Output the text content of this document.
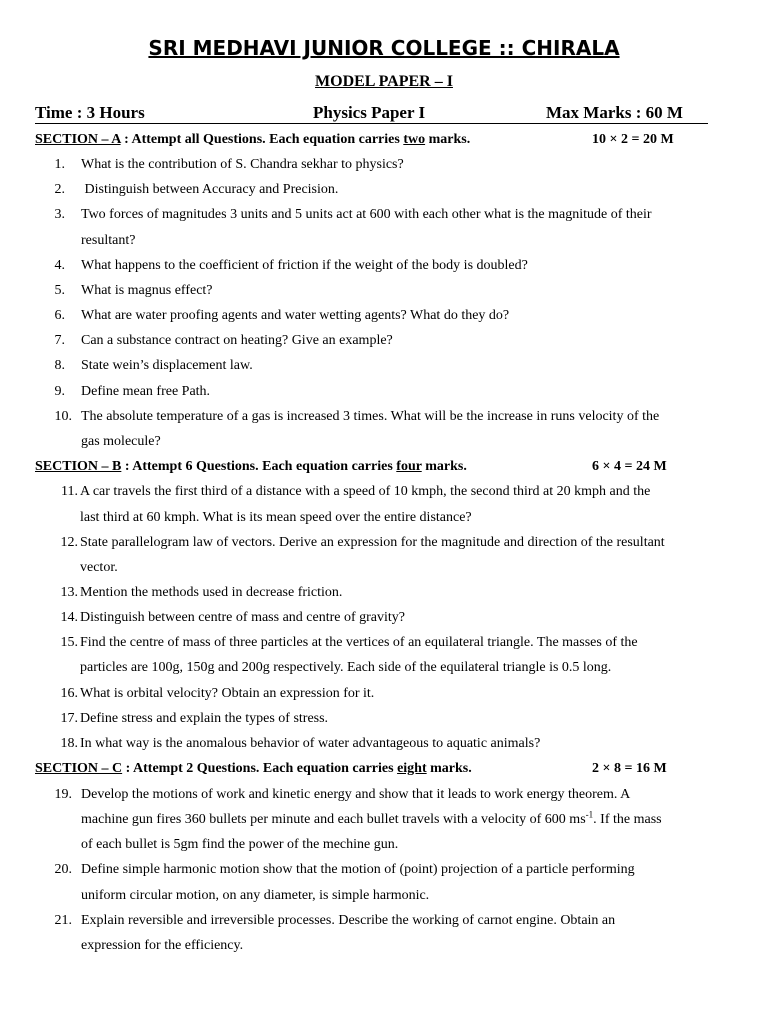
SRI MEDHAVI JUNIOR COLLEGE :: CHIRALA
MODEL PAPER – I
Time : 3 Hours	Physics Paper I	Max Marks : 60 M
SECTION – A : Attempt all Questions. Each equation carries two marks.	10 × 2 = 20 M
1. What is the contribution of S. Chandra sekhar to physics?
2. Distinguish between Accuracy and Precision.
3. Two forces of magnitudes 3 units and 5 units act at 600 with each other what is the magnitude of their
resultant?
4. What happens to the coefficient of friction if the weight of the body is doubled?
5. What is magnus effect?
6. What are water proofing agents and water wetting agents? What do they do?
7. Can a substance contract on heating? Give an example?
8. State wein’s displacement law.
9. Define mean free Path.
10. The absolute temperature of a gas is increased 3 times. What will be the increase in runs velocity of the
gas molecule?
SECTION – B : Attempt 6 Questions. Each equation carries four marks.	6 × 4 = 24 M
11. A car travels the first third of a distance with a speed of 10 kmph, the second third at 20 kmph and the
last third at 60 kmph. What is its mean speed over the entire distance?
12. State parallelogram law of vectors. Derive an expression for the magnitude and direction of the resultant
vector.
13. Mention the methods used in decrease friction.
14. Distinguish between centre of mass and centre of gravity?
15. Find the centre of mass of three particles at the vertices of an equilateral triangle. The masses of the
particles are 100g, 150g and 200g respectively. Each side of the equilateral triangle is 0.5 long.
16. What is orbital velocity? Obtain an expression for it.
17. Define stress and explain the types of stress.
18. In what way is the anomalous behavior of water advantageous to aquatic animals?
SECTION – C : Attempt 2 Questions. Each equation carries eight marks.	2 × 8 = 16 M
19. Develop the motions of work and kinetic energy and show that it leads to work energy theorem. A
machine gun fires 360 bullets per minute and each bullet travels with a velocity of 600 $ms^{-1}$. If the mass
of each bullet is 5gm find the power of the mechine gun.
20. Define simple harmonic motion show that the motion of (point) projection of a particle performing
uniform circular motion, on any diameter, is simple harmonic.
21. Explain reversible and irreversible processes. Describe the working of carnot engine. Obtain an
expression for the efficiency.
